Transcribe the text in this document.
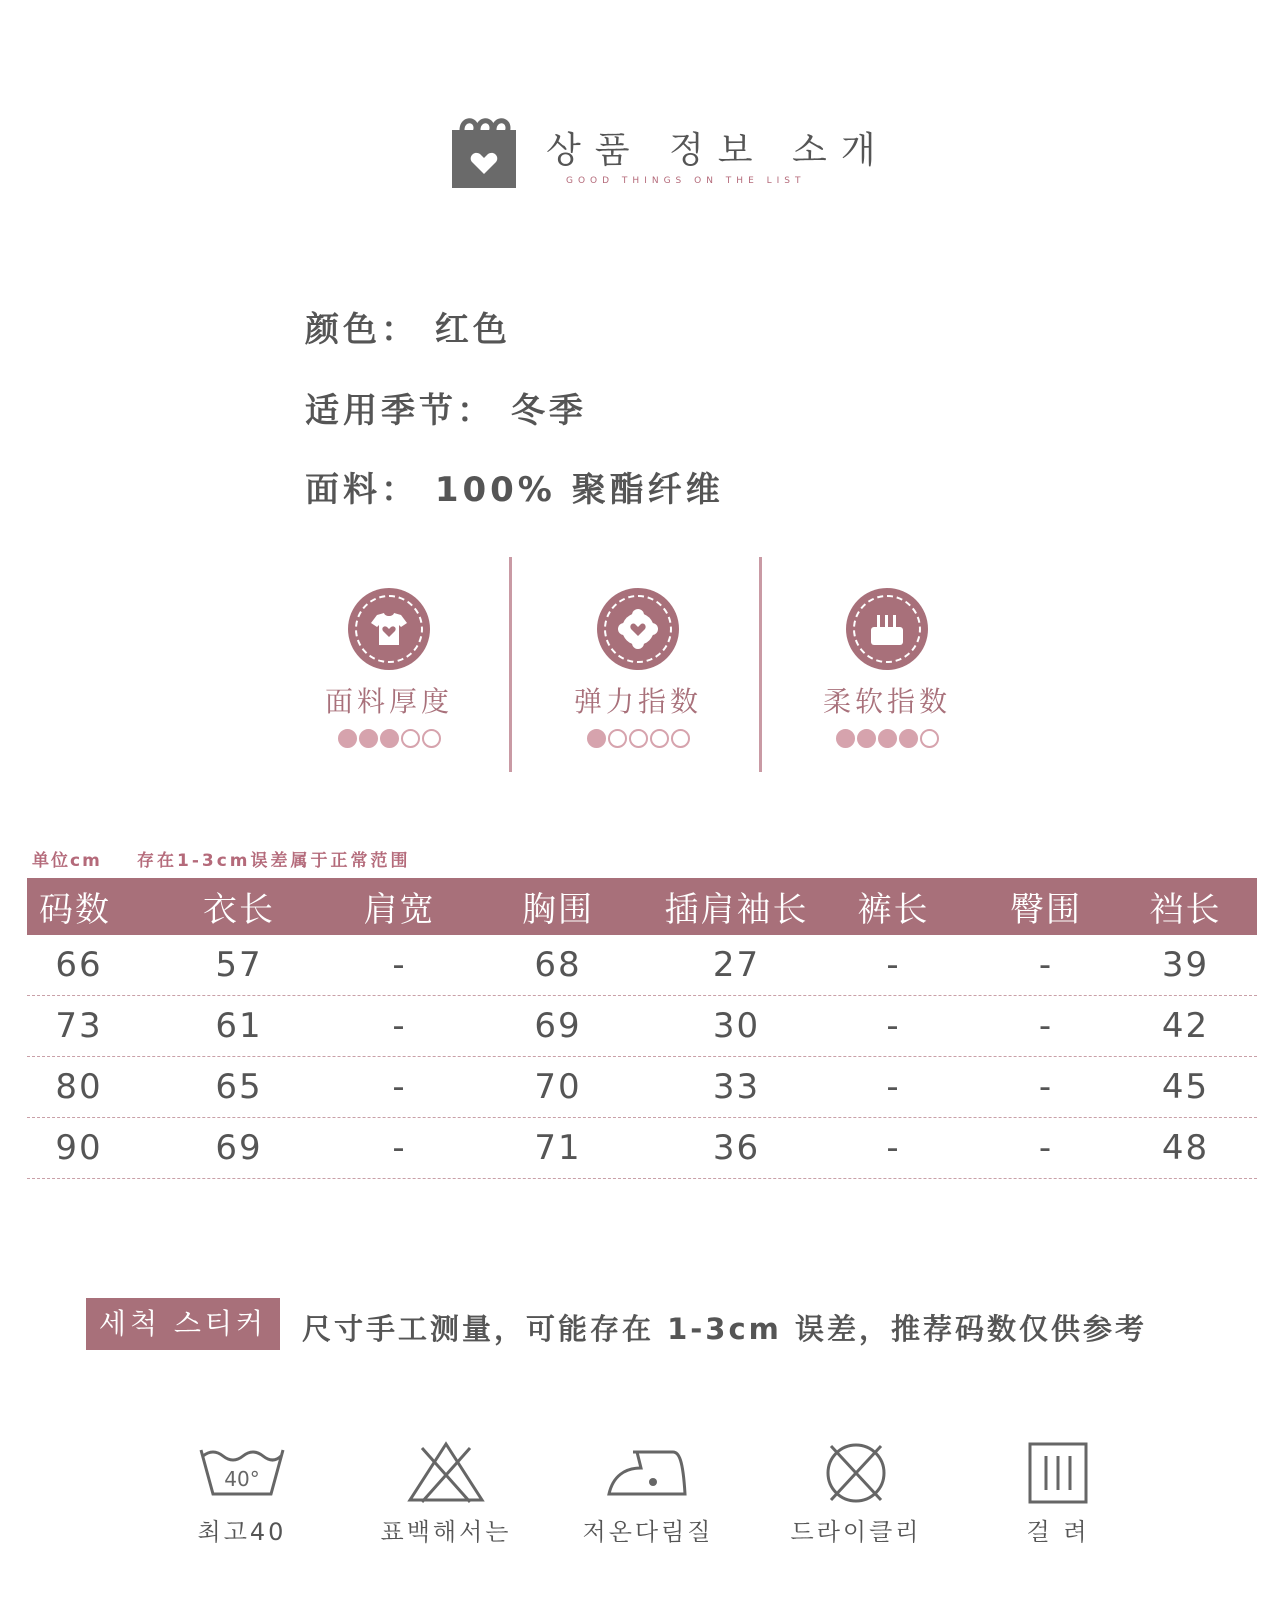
상품 정보 소개
GOOD THINGS ON THE LIST
颜色： 红色
适用季节： 冬季
面料： 100% 聚酯纤维
面料厚度	弹力指数	柔软指数
单位cm 存在1-3cm误差属于正常范围
码数	衣长	肩宽	胸围	插肩袖长	裤长	臀围	裆长
66	57	-	68	27	-	-	39
73	61	-	69	30	-	-	42
80	65	-	70	33	-	-	45
90	69	-	71	36	-	-	48
세척 스티커	尺寸手工测量，可能存在 1-3cm 误差，推荐码数仅供参考
40°
최고40	표백해서는	저온다림질	드라이클리	걸 려
